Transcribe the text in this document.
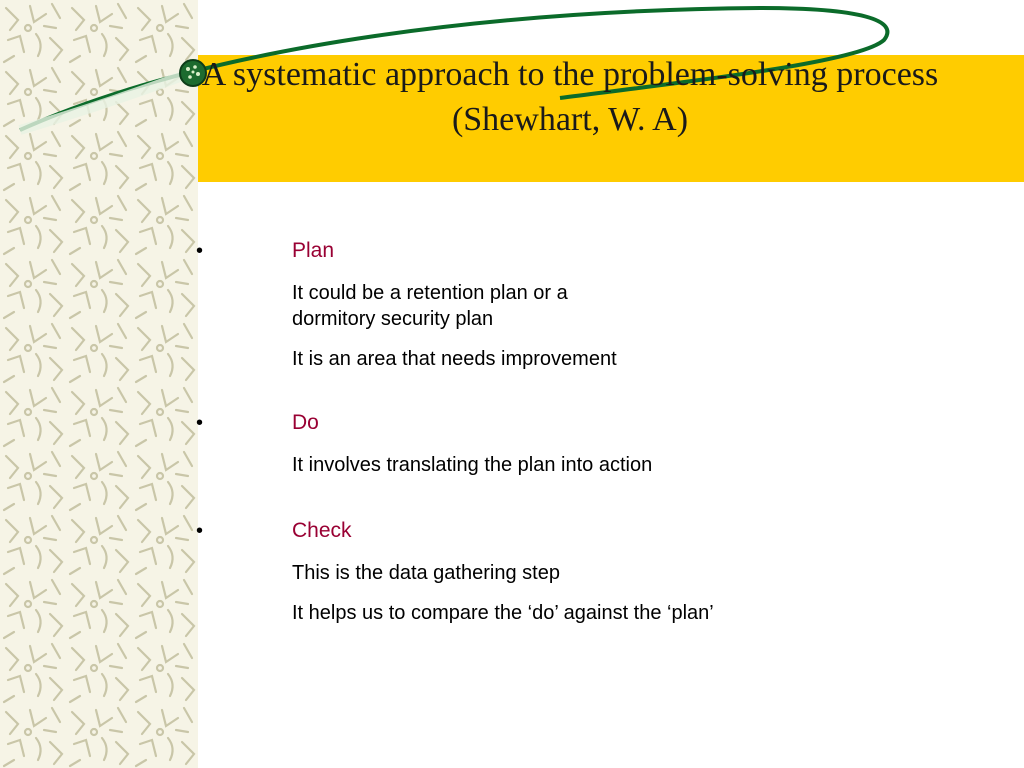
A systematic approach to the problem-solving process (Shewhart, W. A)
•	Plan

It could be a retention plan or a
dormitory security plan

It is an area that needs improvement

•	Do

It involves translating the plan into action

•	Check

This is the data gathering step

It helps us to compare the ‘do’ against the ‘plan’
